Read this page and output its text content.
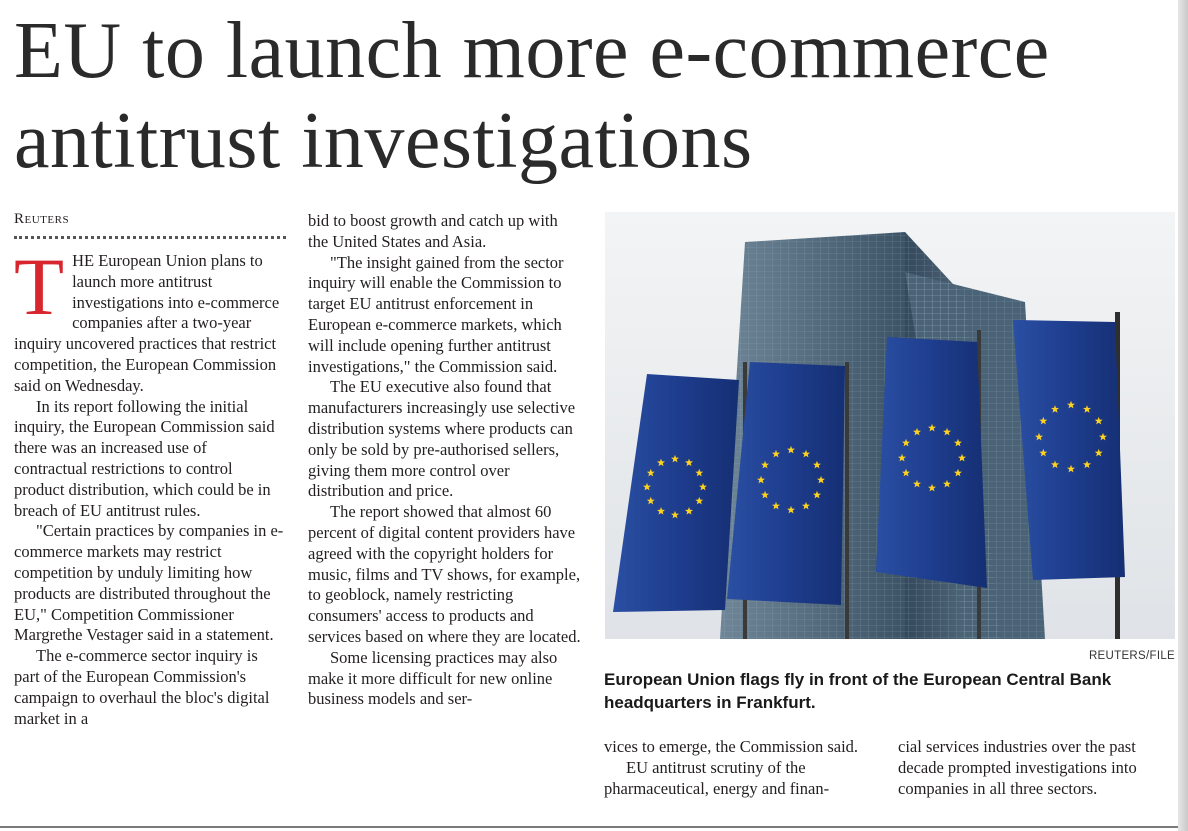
EU to launch more e-commerce antitrust investigations
Reuters
T HE European Union plans to launch more antitrust investigations into e-commerce companies after a two-year inquiry uncovered practices that restrict competition, the European Commission said on Wednesday.

In its report following the initial inquiry, the European Commission said there was an increased use of contractual restrictions to control product distribution, which could be in breach of EU antitrust rules.

"Certain practices by companies in e-commerce markets may restrict competition by unduly limiting how products are distributed throughout the EU," Competition Commissioner Margrethe Vestager said in a statement.

The e-commerce sector inquiry is part of the European Commission's campaign to overhaul the bloc's digital market in a

bid to boost growth and catch up with the United States and Asia.

"The insight gained from the sector inquiry will enable the Commission to target EU antitrust enforcement in European e-commerce markets, which will include opening further antitrust investigations," the Commission said.

The EU executive also found that manufacturers increasingly use selective distribution systems where products can only be sold by pre-authorised sellers, giving them more control over distribution and price.

The report showed that almost 60 percent of digital content providers have agreed with the copyright holders for music, films and TV shows, for example, to geoblock, namely restricting consumers' access to products and services based on where they are located.

Some licensing practices may also make it more difficult for new online business models and ser-

REUTERS/FILE

European Union flags fly in front of the European Central Bank headquarters in Frankfurt.

vices to emerge, the Commission said.

EU antitrust scrutiny of the pharmaceutical, energy and finan-

cial services industries over the past decade prompted investigations into companies in all three sectors.
